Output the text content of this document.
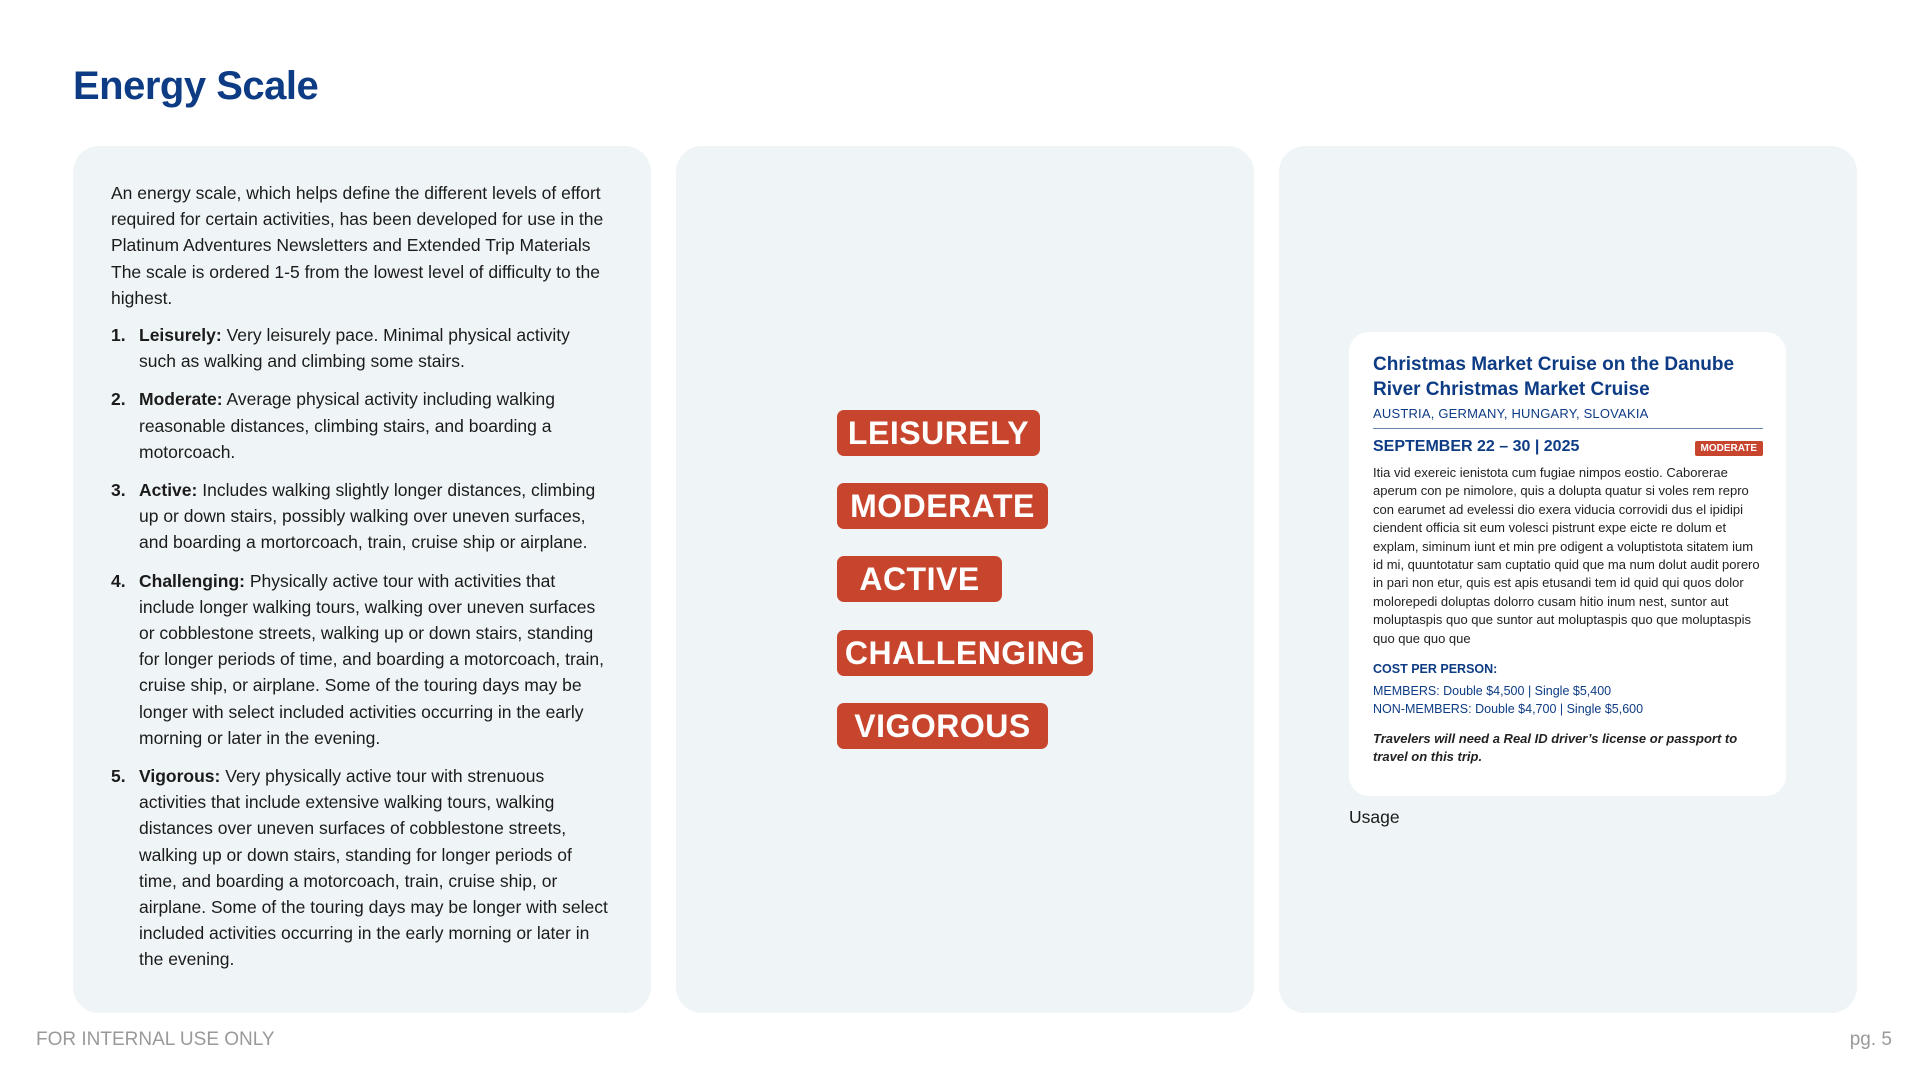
Energy Scale

An energy scale, which helps define the different levels of effort required for certain activities, has been developed for use in the Platinum Adventures Newsletters and Extended Trip Materials The scale is ordered 1-5 from the lowest level of difficulty to the highest.

1. Leisurely: Very leisurely pace. Minimal physical activity such as walking and climbing some stairs.
2. Moderate: Average physical activity including walking reasonable distances, climbing stairs, and boarding a motorcoach.
3. Active: Includes walking slightly longer distances, climbing up or down stairs, possibly walking over uneven surfaces, and boarding a mortorcoach, train, cruise ship or airplane.
4. Challenging: Physically active tour with activities that include longer walking tours, walking over uneven surfaces or cobblestone streets, walking up or down stairs, standing for longer periods of time, and boarding a motorcoach, train, cruise ship, or airplane. Some of the touring days may be longer with select included activities occurring in the early morning or later in the evening.
5. Vigorous: Very physically active tour with strenuous activities that include extensive walking tours, walking distances over uneven surfaces of cobblestone streets, walking up or down stairs, standing for longer periods of time, and boarding a motorcoach, train, cruise ship, or airplane. Some of the touring days may be longer with select included activities occurring in the early morning or later in the evening.
LEISURELY
MODERATE
ACTIVE
CHALLENGING
VIGOROUS

Christmas Market Cruise on the Danube River Christmas Market Cruise

AUSTRIA, GERMANY, HUNGARY, SLOVAKIA
SEPTEMBER 22 – 30 | 2025	MODERATE
Itia vid exereic ienistota cum fugiae nimpos eostio. Caborerae aperum con pe nimolore, quis a dolupta quatur si voles rem repro con earumet ad evelessi dio exera viducia corrovidi dus el ipidipi ciendent officia sit eum volesci pistrunt expe eicte re dolum et explam, siminum iunt et min pre odigent a voluptistota sitatem ium id mi, quuntotatur sam cuptatio quid que ma num dolut audit porero in pari non etur, quis est apis etusandi tem id quid qui quos dolor molorepedi doluptas dolorro cusam hitio inum nest, suntor aut moluptaspis quo que suntor aut moluptaspis quo que moluptaspis quo que quo que
COST PER PERSON:
MEMBERS: Double $4,500 | Single $5,400
NON-MEMBERS: Double $4,700 | Single $5,600
Travelers will need a Real ID driver’s license or passport to travel on this trip.
Usage
FOR INTERNAL USE ONLY	pg. 5
